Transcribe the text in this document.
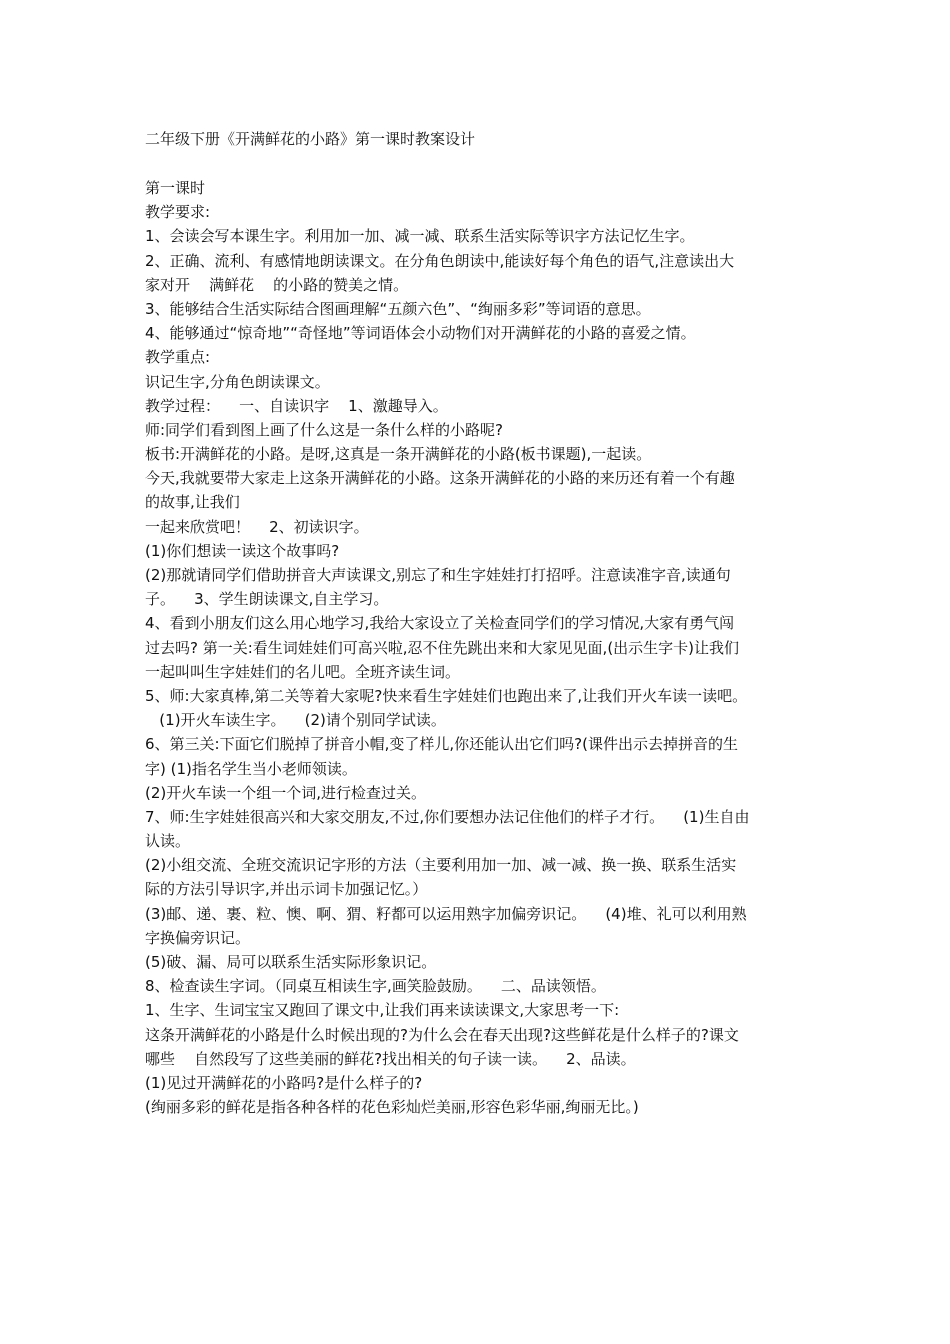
二年级下册《开满鲜花的小路》第一课时教案设计
第一课时
教学要求:
1、会读会写本课生字。利用加一加、减一减、联系生活实际等识字方法记忆生字。
2、正确、流利、有感情地朗读课文。在分角色朗读中,能读好每个角色的语气,注意读出大
家对开    满鲜花    的小路的赞美之情。
3、能够结合生活实际结合图画理解“五颜六色”、“绚丽多彩”等词语的意思。
4、能够通过“惊奇地”“奇怪地”等词语体会小动物们对开满鲜花的小路的喜爱之情。
教学重点:
识记生字,分角色朗读课文。
教学过程：    一、自读识字    1、激趣导入。
师:同学们看到图上画了什么这是一条什么样的小路呢?
板书:开满鲜花的小路。是呀,这真是一条开满鲜花的小路(板书课题),一起读。
今天,我就要带大家走上这条开满鲜花的小路。这条开满鲜花的小路的来历还有着一个有趣
的故事,让我们
一起来欣赏吧！    2、初读识字。
(1)你们想读一读这个故事吗?
(2)那就请同学们借助拼音大声读课文,别忘了和生字娃娃打打招呼。注意读准字音,读通句
子。    3、学生朗读课文,自主学习。
4、看到小朋友们这么用心地学习,我给大家设立了关检查同学们的学习情况,大家有勇气闯
过去吗? 第一关:看生词娃娃们可高兴啦,忍不住先跳出来和大家见见面,(出示生字卡)让我们
一起叫叫生字娃娃们的名儿吧。全班齐读生词。
5、师:大家真棒,第二关等着大家呢?快来看生字娃娃们也跑出来了,让我们开火车读一读吧。
(1)开火车读生字。    (2)请个别同学试读。
6、第三关:下面它们脱掉了拼音小帽,变了样儿,你还能认出它们吗?(课件出示去掉拼音的生
字) (1)指名学生当小老师领读。
(2)开火车读一个组一个词,进行检查过关。
7、师:生字娃娃很高兴和大家交朋友,不过,你们要想办法记住他们的样子才行。    (1)生自由
认读。
(2)小组交流、全班交流识记字形的方法（主要利用加一加、减一减、换一换、联系生活实
际的方法引导识字,并出示词卡加强记忆。）
(3)邮、递、裹、粒、懊、啊、猬、籽都可以运用熟字加偏旁识记。    (4)堆、礼可以利用熟
字换偏旁识记。
(5)破、漏、局可以联系生活实际形象识记。
8、检查读生字词。（同桌互相读生字,画笑脸鼓励。    二、品读领悟。
1、生字、生词宝宝又跑回了课文中,让我们再来读读课文,大家思考一下:
这条开满鲜花的小路是什么时候出现的?为什么会在春天出现?这些鲜花是什么样子的?课文
哪些    自然段写了这些美丽的鲜花?找出相关的句子读一读。    2、品读。
(1)见过开满鲜花的小路吗?是什么样子的?
(绚丽多彩的鲜花是指各种各样的花色彩灿烂美丽,形容色彩华丽,绚丽无比。)
